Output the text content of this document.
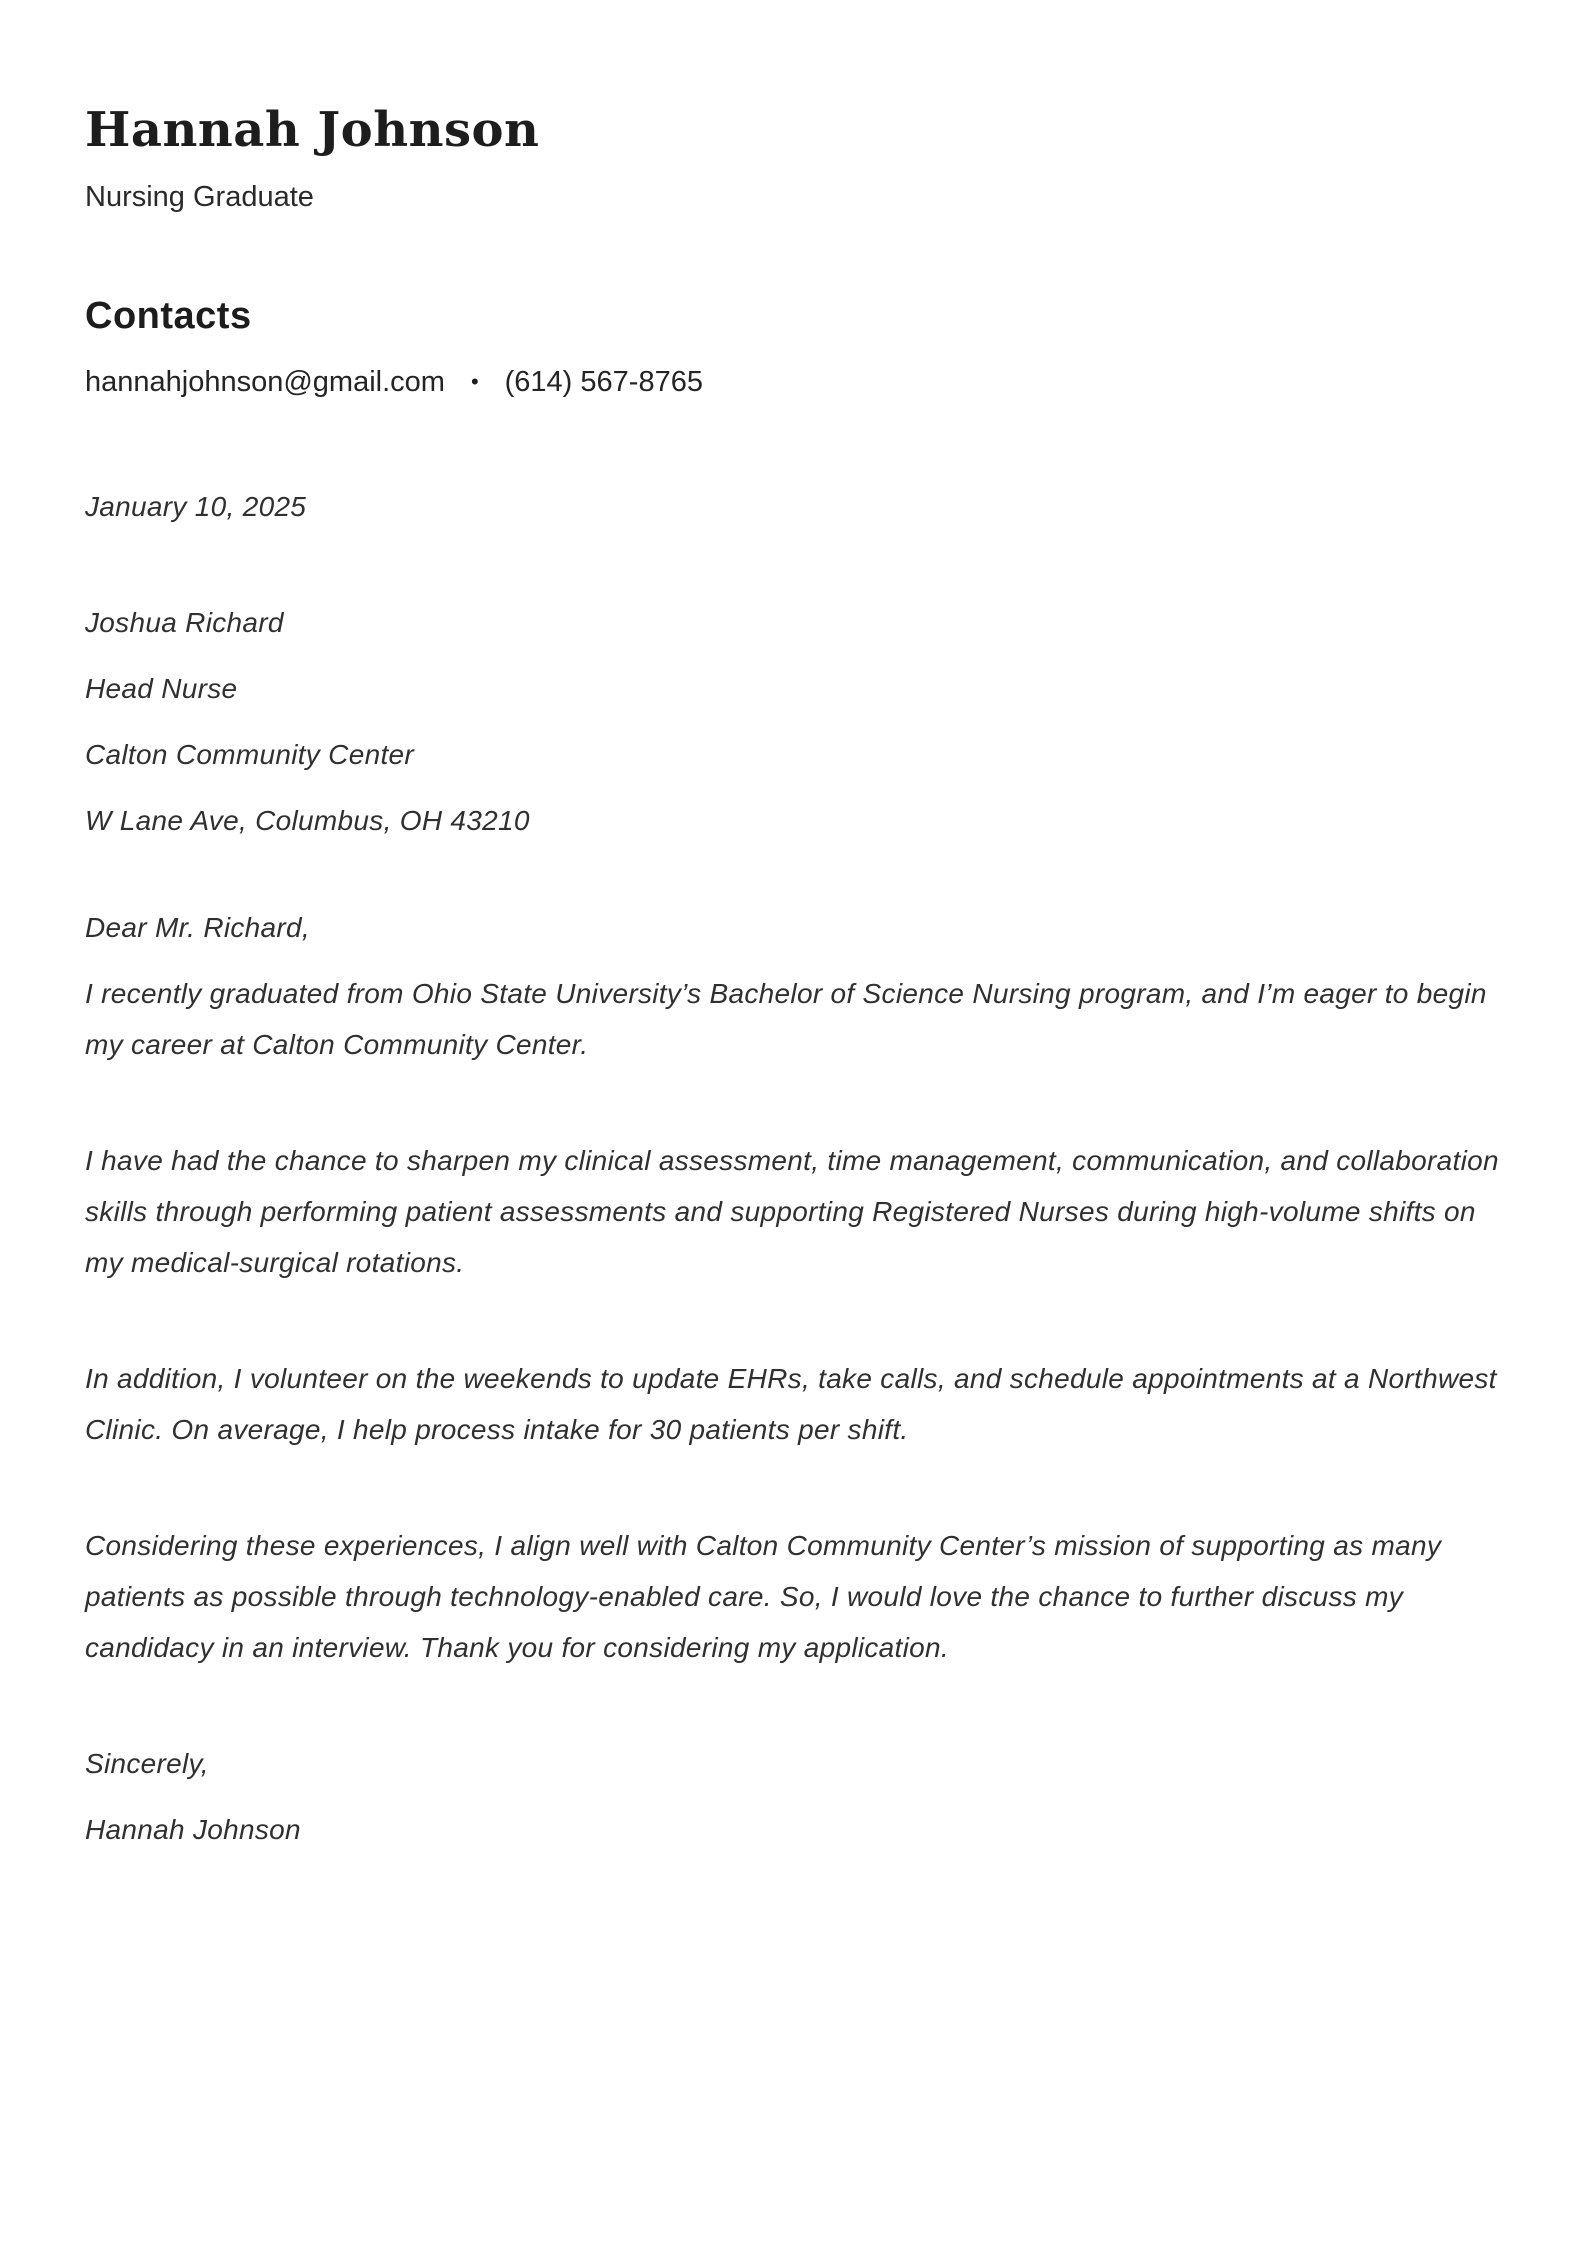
Hannah Johnson
Nursing Graduate
Contacts
hannahjohnson@gmail.com • (614) 567-8765

January 10, 2025

Joshua Richard

Head Nurse

Calton Community Center

W Lane Ave, Columbus, OH 43210

Dear Mr. Richard,

I recently graduated from Ohio State University’s Bachelor of Science Nursing program, and I’m eager to begin my career at Calton Community Center.

I have had the chance to sharpen my clinical assessment, time management, communication, and collaboration skills through performing patient assessments and supporting Registered Nurses during high-volume shifts on my medical-surgical rotations.

In addition, I volunteer on the weekends to update EHRs, take calls, and schedule appointments at a Northwest Clinic. On average, I help process intake for 30 patients per shift.

Considering these experiences, I align well with Calton Community Center’s mission of supporting as many patients as possible through technology-enabled care. So, I would love the chance to further discuss my candidacy in an interview. Thank you for considering my application.

Sincerely,

Hannah Johnson
